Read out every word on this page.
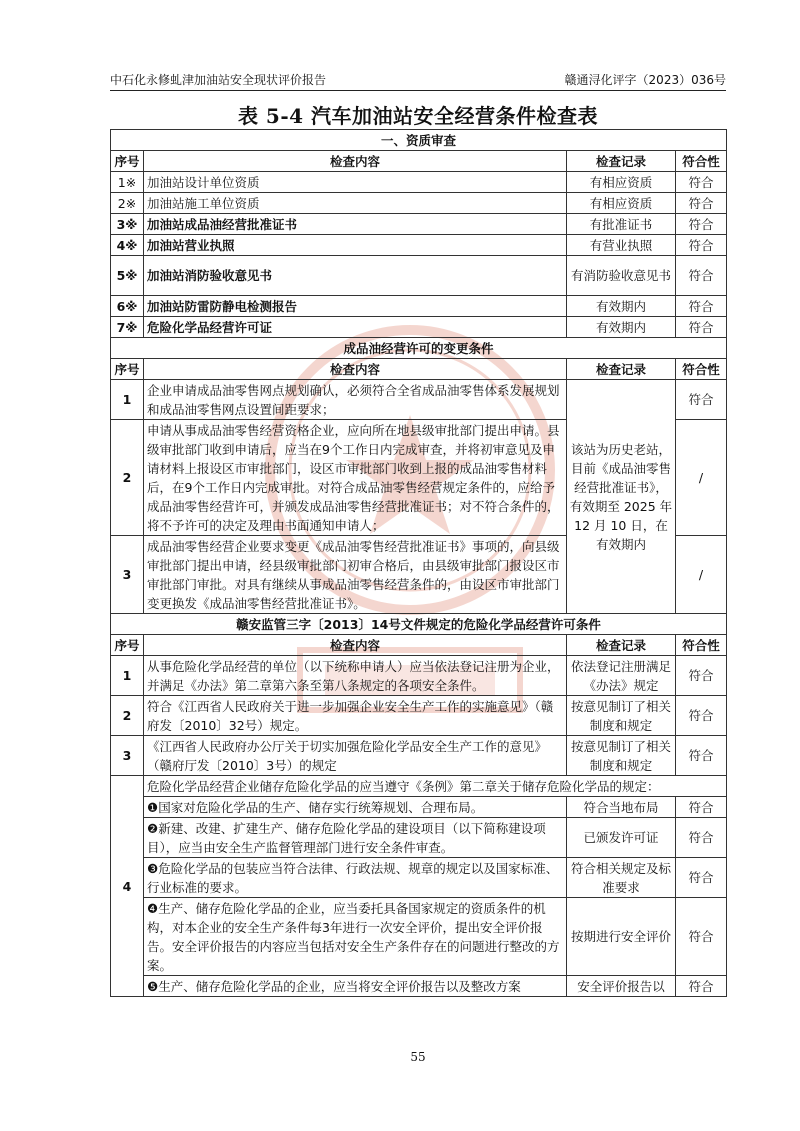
中石化永修虬津加油站安全现状评价报告	赣通浔化评字（2023）036号
表 5-4 汽车加油站安全经营条件检查表
一、资质审查			
序号	检查内容	检查记录	符合性
1※	加油站设计单位资质	有相应资质	符合
2※	加油站施工单位资质	有相应资质	符合
3※	加油站成品油经营批准证书	有批准证书	符合
4※	加油站营业执照	有营业执照	符合
5※	加油站消防验收意见书	有消防验收意见书	符合
6※	加油站防雷防静电检测报告	有效期内	符合
7※	危险化学品经营许可证	有效期内	符合
成品油经营许可的变更条件			
序号	检查内容	检查记录	符合性
1	企业申请成品油零售网点规划确认，必须符合全省成品油零售体系发展规划和成品油零售网点设置间距要求；	该站为历史老站，目前《成品油零售经营批准证书》，有效期至 2025 年 12 月 10 日，在有效期内	符合
2	申请从事成品油零售经营资格企业，应向所在地县级审批部门提出申请。县级审批部门收到申请后，应当在9个工作日内完成审查，并将初审意见及申请材料上报设区市审批部门，设区市审批部门收到上报的成品油零售材料后，在9个工作日内完成审批。对符合成品油零售经营规定条件的，应给予成品油零售经营许可，并颁发成品油零售经营批准证书；对不符合条件的，将不予许可的决定及理由书面通知申请人；		/
3	成品油零售经营企业要求变更《成品油零售经营批准证书》事项的，向县级审批部门提出申请，经县级审批部门初审合格后，由县级审批部门报设区市审批部门审批。对具有继续从事成品油零售经营条件的，由设区市审批部门变更换发《成品油零售经营批准证书》。		/
赣安监管三字〔2013〕14号文件规定的危险化学品经营许可条件			
序号	检查内容	检查记录	符合性
1	从事危险化学品经营的单位（以下统称申请人）应当依法登记注册为企业，并满足《办法》第二章第六条至第八条规定的各项安全条件。	依法登记注册满足《办法》规定	符合
2	符合《江西省人民政府关于进一步加强企业安全生产工作的实施意见》（赣府发〔2010〕32号）规定。	按意见制订了相关制度和规定	符合
3	《江西省人民政府办公厅关于切实加强危险化学品安全生产工作的意见》（赣府厅发〔2010〕3号）的规定	按意见制订了相关制度和规定	符合
4	危险化学品经营企业储存危险化学品的应当遵守《条例》第二章关于储存危险化学品的规定：		
	❶国家对危险化学品的生产、储存实行统筹规划、合理布局。	符合当地布局	符合
	❷新建、改建、扩建生产、储存危险化学品的建设项目（以下简称建设项目），应当由安全生产监督管理部门进行安全条件审查。	已颁发许可证	符合
	❸危险化学品的包装应当符合法律、行政法规、规章的规定以及国家标准、行业标准的要求。	符合相关规定及标准要求	符合
	❹生产、储存危险化学品的企业，应当委托具备国家规定的资质条件的机构，对本企业的安全生产条件每3年进行一次安全评价，提出安全评价报告。安全评价报告的内容应当包括对安全生产条件存在的问题进行整改的方案。	按期进行安全评价	符合
	❺生产、储存危险化学品的企业，应当将安全评价报告以及整改方案	安全评价报告以	符合
55
